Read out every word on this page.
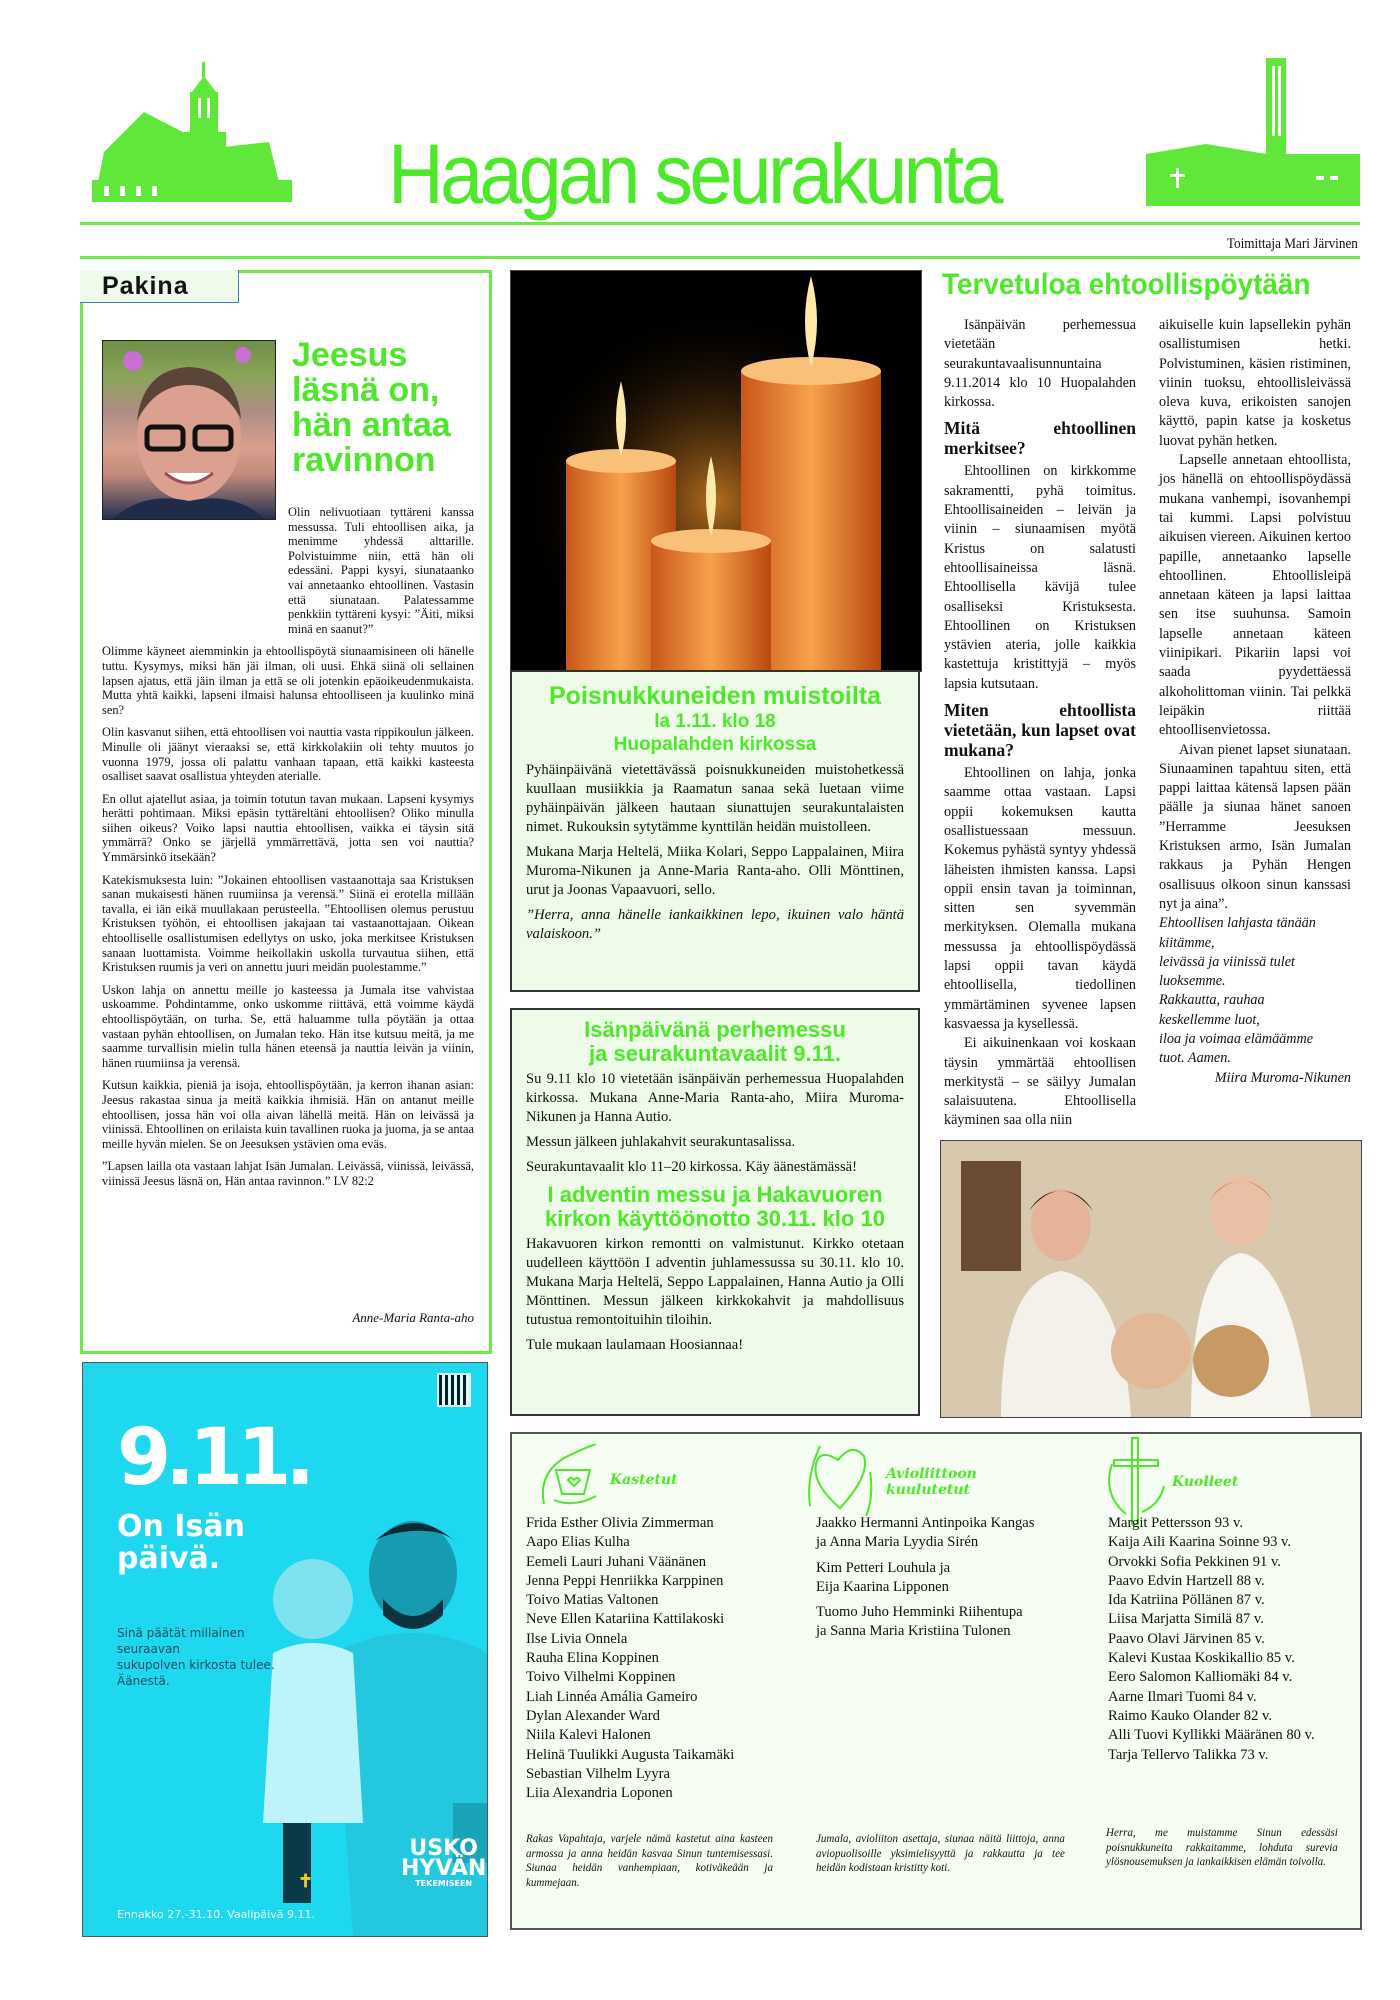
Haagan seurakunta
Toimittaja Mari Järvinen
Pakina
Jeesus
läsnä on,
hän antaa
ravinnon

Olin nelivuotiaan tyttäreni kanssa messussa. Tuli ehtoollisen aika, ja menimme yhdessä alttarille. Polvistuimme niin, että hän oli edessäni. Pappi kysyi, siunataanko vai annetaanko ehtoollinen. Vastasin että siunataan. Palatessamme penkkiin tyttäreni kysyi: ”Äiti, miksi minä en saanut?”

Olimme käyneet aiemminkin ja ehtoollispöytä siunaamisineen oli hänelle tuttu. Kysymys, miksi hän jäi ilman, oli uusi. Ehkä siinä oli sellainen lapsen ajatus, että jäin ilman ja että se oli jotenkin epäoikeudenmukaista. Mutta yhtä kaikki, lapseni ilmaisi halunsa ehtoolliseen ja kuulinko minä sen?

Olin kasvanut siihen, että ehtoollisen voi nauttia vasta rippikoulun jälkeen. Minulle oli jäänyt vieraaksi se, että kirkkolakiin oli tehty muutos jo vuonna 1979, jossa oli palattu vanhaan tapaan, että kaikki kasteesta osalliset saavat osallistua yhteyden aterialle.

En ollut ajatellut asiaa, ja toimin totutun tavan mukaan. Lapseni kysymys herätti pohtimaan. Miksi epäsin tyttäreltäni ehtoollisen? Oliko minulla siihen oikeus? Voiko lapsi nauttia ehtoollisen, vaikka ei täysin sitä ymmärrä? Onko se järjellä ymmärrettävä, jotta sen voi nauttia? Ymmärsinkö itsekään?

Katekismuksesta luin: ”Jokainen ehtoollisen vastaanottaja saa Kristuksen sanan mukaisesti hänen ruumiinsa ja verensä.” Siinä ei erotella millään tavalla, ei iän eikä muullakaan perusteella. ”Ehtoollisen olemus perustuu Kristuksen työhön, ei ehtoollisen jakajaan tai vastaanottajaan. Oikean ehtoolliselle osallistumisen edellytys on usko, joka merkitsee Kristuksen sanaan luottamista. Voimme heikollakin uskolla turvautua siihen, että Kristuksen ruumis ja veri on annettu juuri meidän puolestamme.”

Uskon lahja on annettu meille jo kasteessa ja Jumala itse vahvistaa uskoamme. Pohdintamme, onko uskomme riittävä, että voimme käydä ehtoollispöytään, on turha. Se, että haluamme tulla pöytään ja ottaa vastaan pyhän ehtoollisen, on Jumalan teko. Hän itse kutsuu meitä, ja me saamme turvallisin mielin tulla hänen eteensä ja nauttia leivän ja viinin, hänen ruumiinsa ja verensä.

Kutsun kaikkia, pieniä ja isoja, ehtoollispöytään, ja kerron ihanan asian: Jeesus rakastaa sinua ja meitä kaikkia ihmisiä. Hän on antanut meille ehtoollisen, jossa hän voi olla aivan lähellä meitä. Hän on leivässä ja viinissä. Ehtoollinen on erilaista kuin tavallinen ruoka ja juoma, ja se antaa meille hyvän mielen. Se on Jeesuksen ystävien oma eväs.

”Lapsen lailla ota vastaan lahjat Isän Jumalan. Leivässä, viinissä, leivässä, viinissä Jeesus läsnä on, Hän antaa ravinnon.” LV 82:2

Anne-Maria Ranta-aho
9.11.
On Isän
päivä.
Sinä päätät millainen seuraavan
sukupolven kirkosta tulee.
Äänestä.
✝
Ennakko 27.-31.10. Vaalipäivä 9.11.
USKO
HYVÄN
TEKEMISEEN
Poisnukkuneiden muistoilta
la 1.11. klo 18
Huopalahden kirkossa

Pyhäinpäivänä vietettävässä poisnukkuneiden muistohetkessä kuullaan musiikkia ja Raamatun sanaa sekä luetaan viime pyhäinpäivän jälkeen hautaan siunattujen seurakuntalaisten nimet. Rukouksin sytytämme kynttilän heidän muistolleen.

Mukana Marja Heltelä, Miika Kolari, Seppo Lappalainen, Miira Muroma-Nikunen ja Anne-Maria Ranta-aho. Olli Mönttinen, urut ja Joonas Vapaavuori, sello.

”Herra, anna hänelle iankaikkinen lepo, ikuinen valo häntä valaiskoon.”

Isänpäivänä perhemessu
ja seurakuntavaalit 9.11.

Su 9.11 klo 10 vietetään isänpäivän perhemessua Huopalahden kirkossa. Mukana Anne-Maria Ranta-aho, Miira Muroma-Nikunen ja Hanna Autio.

Messun jälkeen juhlakahvit seurakuntasalissa.

Seurakuntavaalit klo 11–20 kirkossa. Käy äänestämässä!

I adventin messu ja Hakavuoren
kirkon käyttöönotto 30.11. klo 10

Hakavuoren kirkon remontti on valmistunut. Kirkko otetaan uudelleen käyttöön I adventin juhlamessussa su 30.11. klo 10. Mukana Marja Heltelä, Seppo Lappalainen, Hanna Autio ja Olli Mönttinen. Messun jälkeen kirkkokahvit ja mahdollisuus tutustua remontoituihin tiloihin.

Tule mukaan laulamaan Hoosiannaa!

Tervetuloa ehtoollispöytään

Isänpäivän perhemessua vietetään seurakuntavaalisunnuntaina 9.11.2014 klo 10 Huopalahden kirkossa.

Mitä ehtoollinen merkitsee?

Ehtoollinen on kirkkomme sakramentti, pyhä toimitus. Ehtoollisaineiden – leivän ja viinin – siunaamisen myötä Kristus on salatusti ehtoollisaineissa läsnä. Ehtoollisella kävijä tulee osalliseksi Kristuksesta. Ehtoollinen on Kristuksen ystävien ateria, jolle kaikkia kastettuja kristittyjä – myös lapsia kutsutaan.

Miten ehtoollista vietetään, kun lapset ovat mukana?

Ehtoollinen on lahja, jonka saamme ottaa vastaan. Lapsi oppii kokemuksen kautta osallistuessaan messuun. Kokemus pyhästä syntyy yhdessä läheisten ihmisten kanssa. Lapsi oppii ensin tavan ja toiminnan, sitten sen syvemmän merkityksen. Olemalla mukana messussa ja ehtoollispöydässä lapsi oppii tavan käydä ehtoollisella, tiedollinen ymmärtäminen syvenee lapsen kasvaessa ja kysellessä.

Ei aikuinenkaan voi koskaan täysin ymmärtää ehtoollisen merkitystä – se säilyy Jumalan salaisuutena. Ehtoollisella käyminen saa olla niin

aikuiselle kuin lapsellekin pyhän osallistumisen hetki. Polvistuminen, käsien ristiminen, viinin tuoksu, ehtoollisleivässä oleva kuva, erikoisten sanojen käyttö, papin katse ja kosketus luovat pyhän hetken.

Lapselle annetaan ehtoollista, jos hänellä on ehtoollispöydässä mukana vanhempi, isovanhempi tai kummi. Lapsi polvistuu aikuisen viereen. Aikuinen kertoo papille, annetaanko lapselle ehtoollinen. Ehtoollisleipä annetaan käteen ja lapsi laittaa sen itse suuhunsa. Samoin lapselle annetaan käteen viinipikari. Pikariin lapsi voi saada pyydettäessä alkoholittoman viinin. Tai pelkkä leipäkin riittää ehtoollisenvietossa.

Aivan pienet lapset siunataan. Siunaaminen tapahtuu siten, että pappi laittaa kätensä lapsen pään päälle ja siunaa hänet sanoen ”Herramme Jeesuksen Kristuksen armo, Isän Jumalan rakkaus ja Pyhän Hengen osallisuus olkoon sinun kanssasi nyt ja aina”.

Ehtoollisen lahjasta tänään
kiitämme,
leivässä ja viinissä tulet
luoksemme.
Rakkautta, rauhaa
keskellemme luot,
iloa ja voimaa elämäämme
tuot. Aamen.

Miira Muroma-Nikunen

Kastetut
Frida Esther Olivia Zimmerman
Aapo Elias Kulha
Eemeli Lauri Juhani Väänänen
Jenna Peppi Henriikka Karppinen
Toivo Matias Valtonen
Neve Ellen Katariina Kattilakoski
Ilse Livia Onnela
Rauha Elina Koppinen
Toivo Vilhelmi Koppinen
Liah Linnéa Amália Gameiro
Dylan Alexander Ward
Niila Kalevi Halonen
Helinä Tuulikki Augusta Taikamäki
Sebastian Vilhelm Lyyra
Liia Alexandria Loponen
Rakas Vapahtaja, varjele nämä kastetut aina kasteen armossa ja anna heidän kasvaa Sinun tuntemisessasi. Siunaa heidän vanhempiaan, kotiväkeään ja kummejaan.
Avioliittoon
kuulutetut

Jaakko Hermanni Antinpoika Kangas
ja Anna Maria Lyydia Sirén

Kim Petteri Louhula ja
Eija Kaarina Lipponen

Tuomo Juho Hemminki Riihentupa
ja Sanna Maria Kristiina Tulonen

Jumala, avioliiton asettaja, siunaa näitä liittoja, anna aviopuolisoille yksimielisyyttä ja rakkautta ja tee heidän kodistaan kristitty koti.
Kuolleet
Margit Pettersson 93 v.
Kaija Aili Kaarina Soinne 93 v.
Orvokki Sofia Pekkinen 91 v.
Paavo Edvin Hartzell 88 v.
Ida Katriina Pöllänen 87 v.
Liisa Marjatta Similä 87 v.
Paavo Olavi Järvinen 85 v.
Kalevi Kustaa Koskikallio 85 v.
Eero Salomon Kalliomäki 84 v.
Aarne Ilmari Tuomi 84 v.
Raimo Kauko Olander 82 v.
Alli Tuovi Kyllikki Määränen 80 v.
Tarja Tellervo Talikka 73 v.
Herra, me muistamme Sinun edessäsi poisnukkuneita rakkaitamme, lohduta surevia ylösnousemuksen ja iankaikkisen elämän toivolla.
